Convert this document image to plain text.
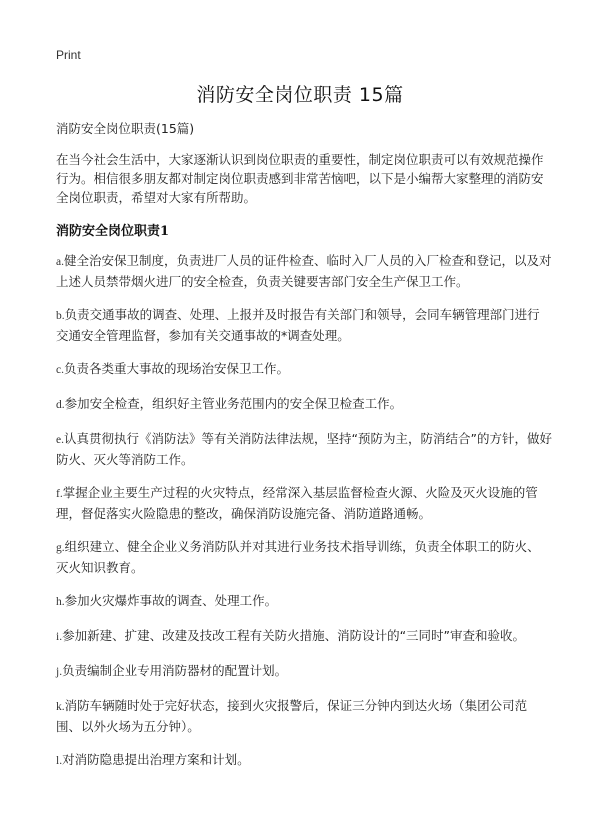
Print
消防安全岗位职责 15篇

消防安全岗位职责(15篇)

在当今社会生活中，大家逐渐认识到岗位职责的重要性，制定岗位职责可以有效规范操作行为。相信很多朋友都对制定岗位职责感到非常苦恼吧，以下是小编帮大家整理的消防安全岗位职责，希望对大家有所帮助。

消防安全岗位职责1

a.健全治安保卫制度，负责进厂人员的证件检查、临时入厂人员的入厂检查和登记，以及对上述人员禁带烟火进厂的安全检查，负责关键要害部门安全生产保卫工作。

b.负责交通事故的调查、处理、上报并及时报告有关部门和领导，会同车辆管理部门进行交通安全管理监督，参加有关交通事故的*调查处理。

c.负责各类重大事故的现场治安保卫工作。

d.参加安全检查，组织好主管业务范围内的安全保卫检查工作。

e.认真贯彻执行《消防法》等有关消防法律法规，坚持“预防为主，防消结合”的方针，做好防火、灭火等消防工作。

f.掌握企业主要生产过程的火灾特点，经常深入基层监督检查火源、火险及灭火设施的管理，督促落实火险隐患的整改，确保消防设施完备、消防道路通畅。

g.组织建立、健全企业义务消防队并对其进行业务技术指导训练，负责全体职工的防火、灭火知识教育。

h.参加火灾爆炸事故的调查、处理工作。

i.参加新建、扩建、改建及技改工程有关防火措施、消防设计的“三同时”审查和验收。

j.负责编制企业专用消防器材的配置计划。

k.消防车辆随时处于完好状态，接到火灾报警后，保证三分钟内到达火场（集团公司范围、以外火场为五分钟）。

l.对消防隐患提出治理方案和计划。
